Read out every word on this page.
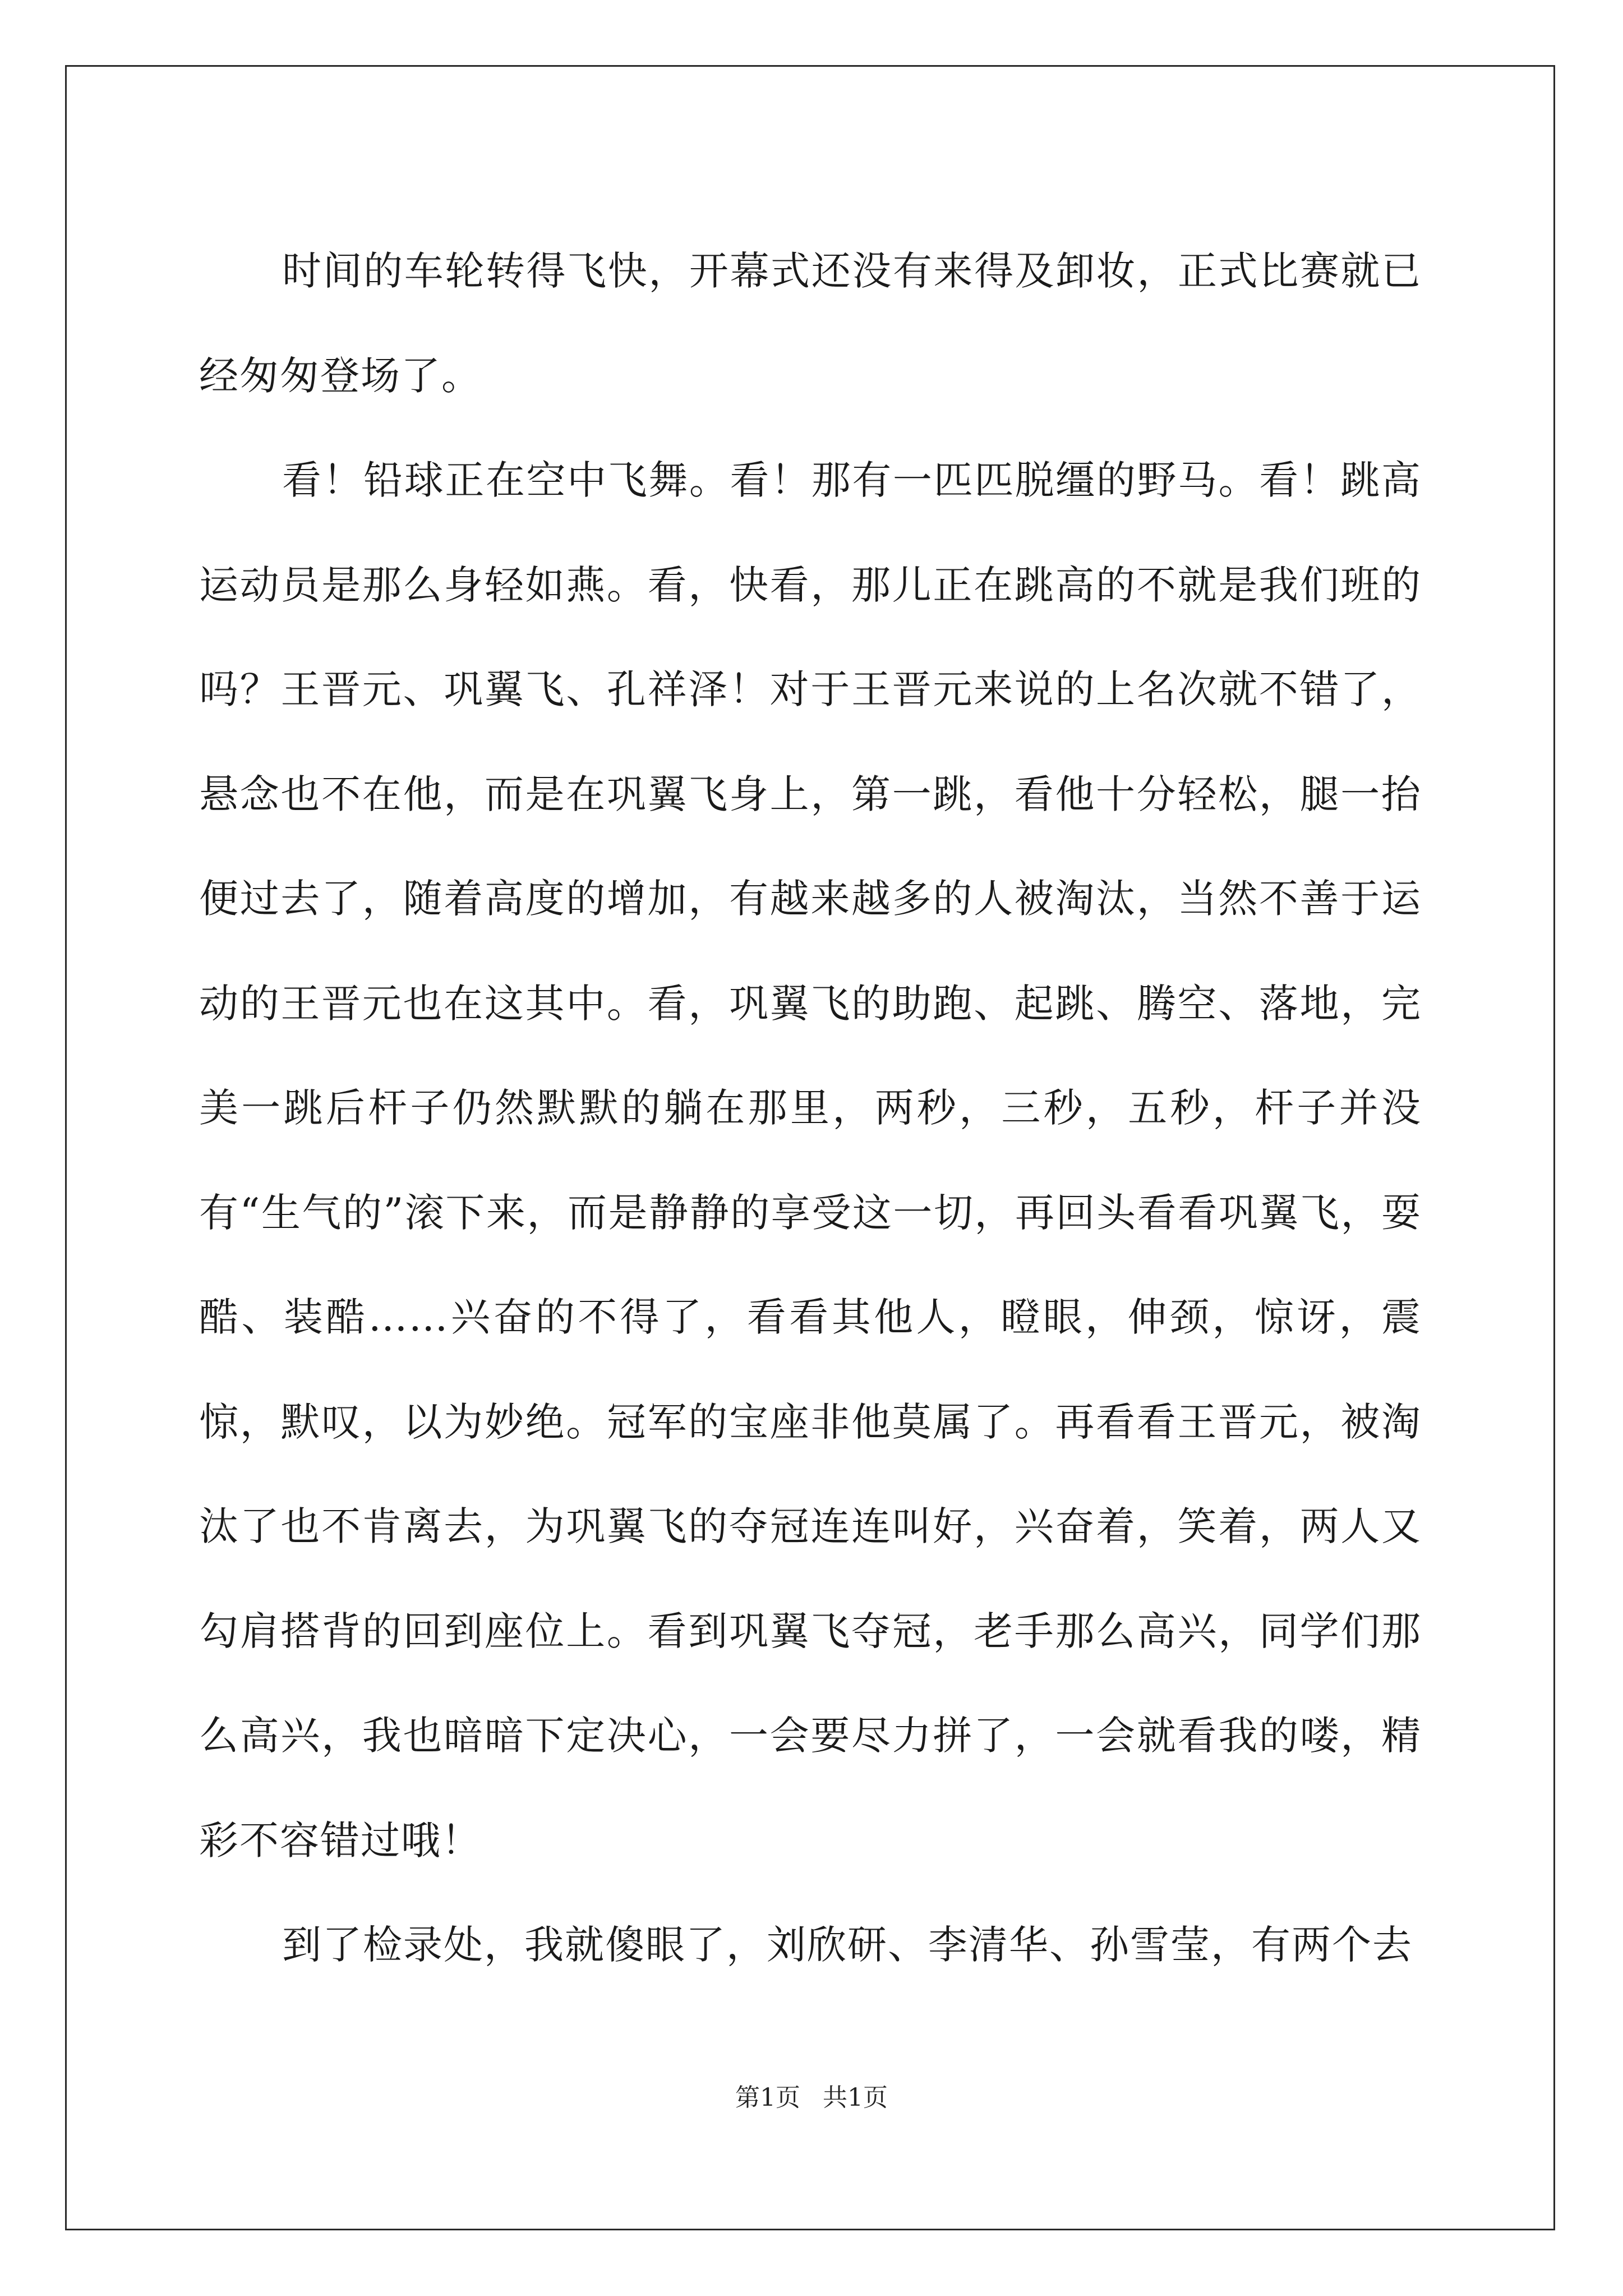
时间的车轮转得飞快，开幕式还没有来得及卸妆，正式比赛就已经匆匆登场了。

看！铅球正在空中飞舞。看！那有一匹匹脱缰的野马。看！跳高运动员是那么身轻如燕。看，快看，那儿正在跳高的不就是我们班的吗？王晋元、巩翼飞、孔祥泽！对于王晋元来说的上名次就不错了，悬念也不在他，而是在巩翼飞身上，第一跳，看他十分轻松，腿一抬便过去了，随着高度的增加，有越来越多的人被淘汰，当然不善于运动的王晋元也在这其中。看，巩翼飞的助跑、起跳、腾空、落地，完美一跳后杆子仍然默默的躺在那里，两秒，三秒，五秒，杆子并没有“生气的”滚下来，而是静静的享受这一切，再回头看看巩翼飞，耍酷、装酷……兴奋的不得了，看看其他人，瞪眼，伸颈，惊讶，震惊，默叹，以为妙绝。冠军的宝座非他莫属了。再看看王晋元，被淘汰了也不肯离去，为巩翼飞的夺冠连连叫好，兴奋着，笑着，两人又勾肩搭背的回到座位上。看到巩翼飞夺冠，老手那么高兴，同学们那么高兴，我也暗暗下定决心，一会要尽力拼了，一会就看我的喽，精彩不容错过哦！

到了检录处，我就傻眼了，刘欣研、李清华、孙雪莹，有两个去

第1页 共1页
